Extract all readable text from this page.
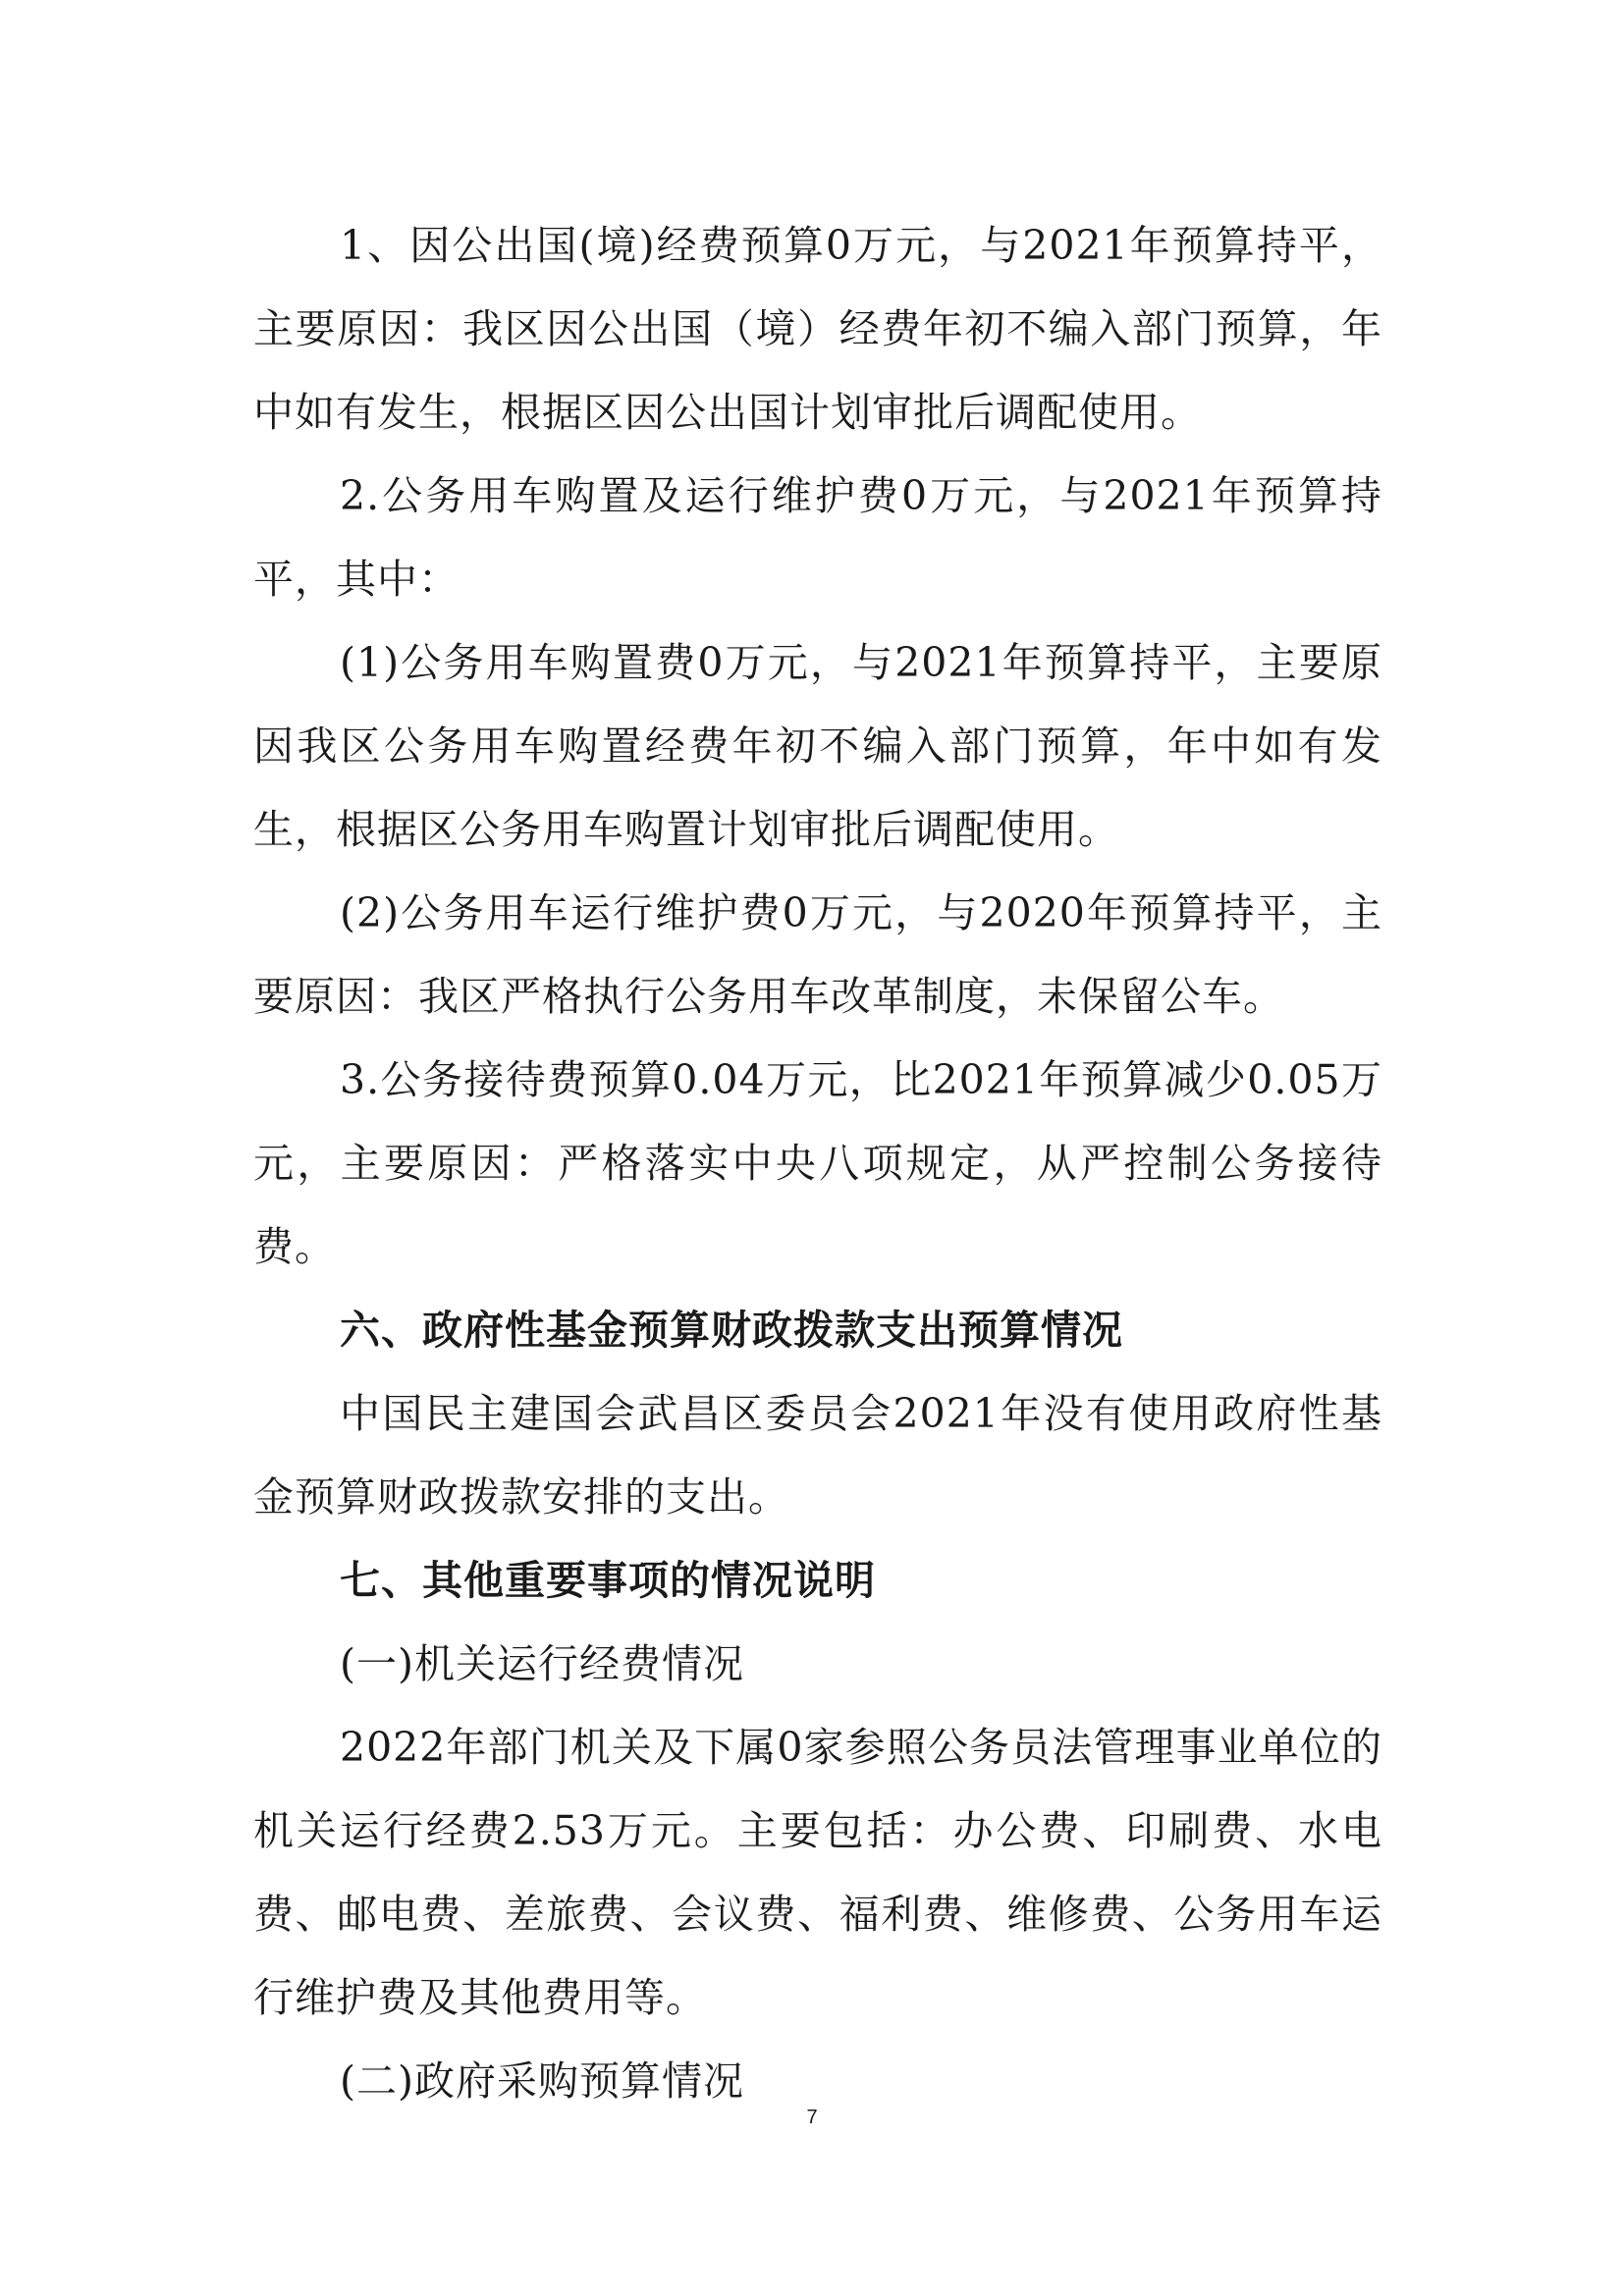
1、因公出国(境)经费预算0万元，与2021年预算持平，主要原因：我区因公出国（境）经费年初不编入部门预算，年中如有发生，根据区因公出国计划审批后调配使用。

2.公务用车购置及运行维护费0万元，与2021年预算持平，其中：

(1)公务用车购置费0万元，与2021年预算持平，主要原因我区公务用车购置经费年初不编入部门预算，年中如有发生，根据区公务用车购置计划审批后调配使用。

(2)公务用车运行维护费0万元，与2020年预算持平，主要原因：我区严格执行公务用车改革制度，未保留公车。

3.公务接待费预算0.04万元，比2021年预算减少0.05万元，主要原因：严格落实中央八项规定，从严控制公务接待费。

六、政府性基金预算财政拨款支出预算情况

中国民主建国会武昌区委员会2021年没有使用政府性基金预算财政拨款安排的支出。

七、其他重要事项的情况说明

(一)机关运行经费情况

2022年部门机关及下属0家参照公务员法管理事业单位的机关运行经费2.53万元。主要包括：办公费、印刷费、水电费、邮电费、差旅费、会议费、福利费、维修费、公务用车运行维护费及其他费用等。

(二)政府采购预算情况

7
